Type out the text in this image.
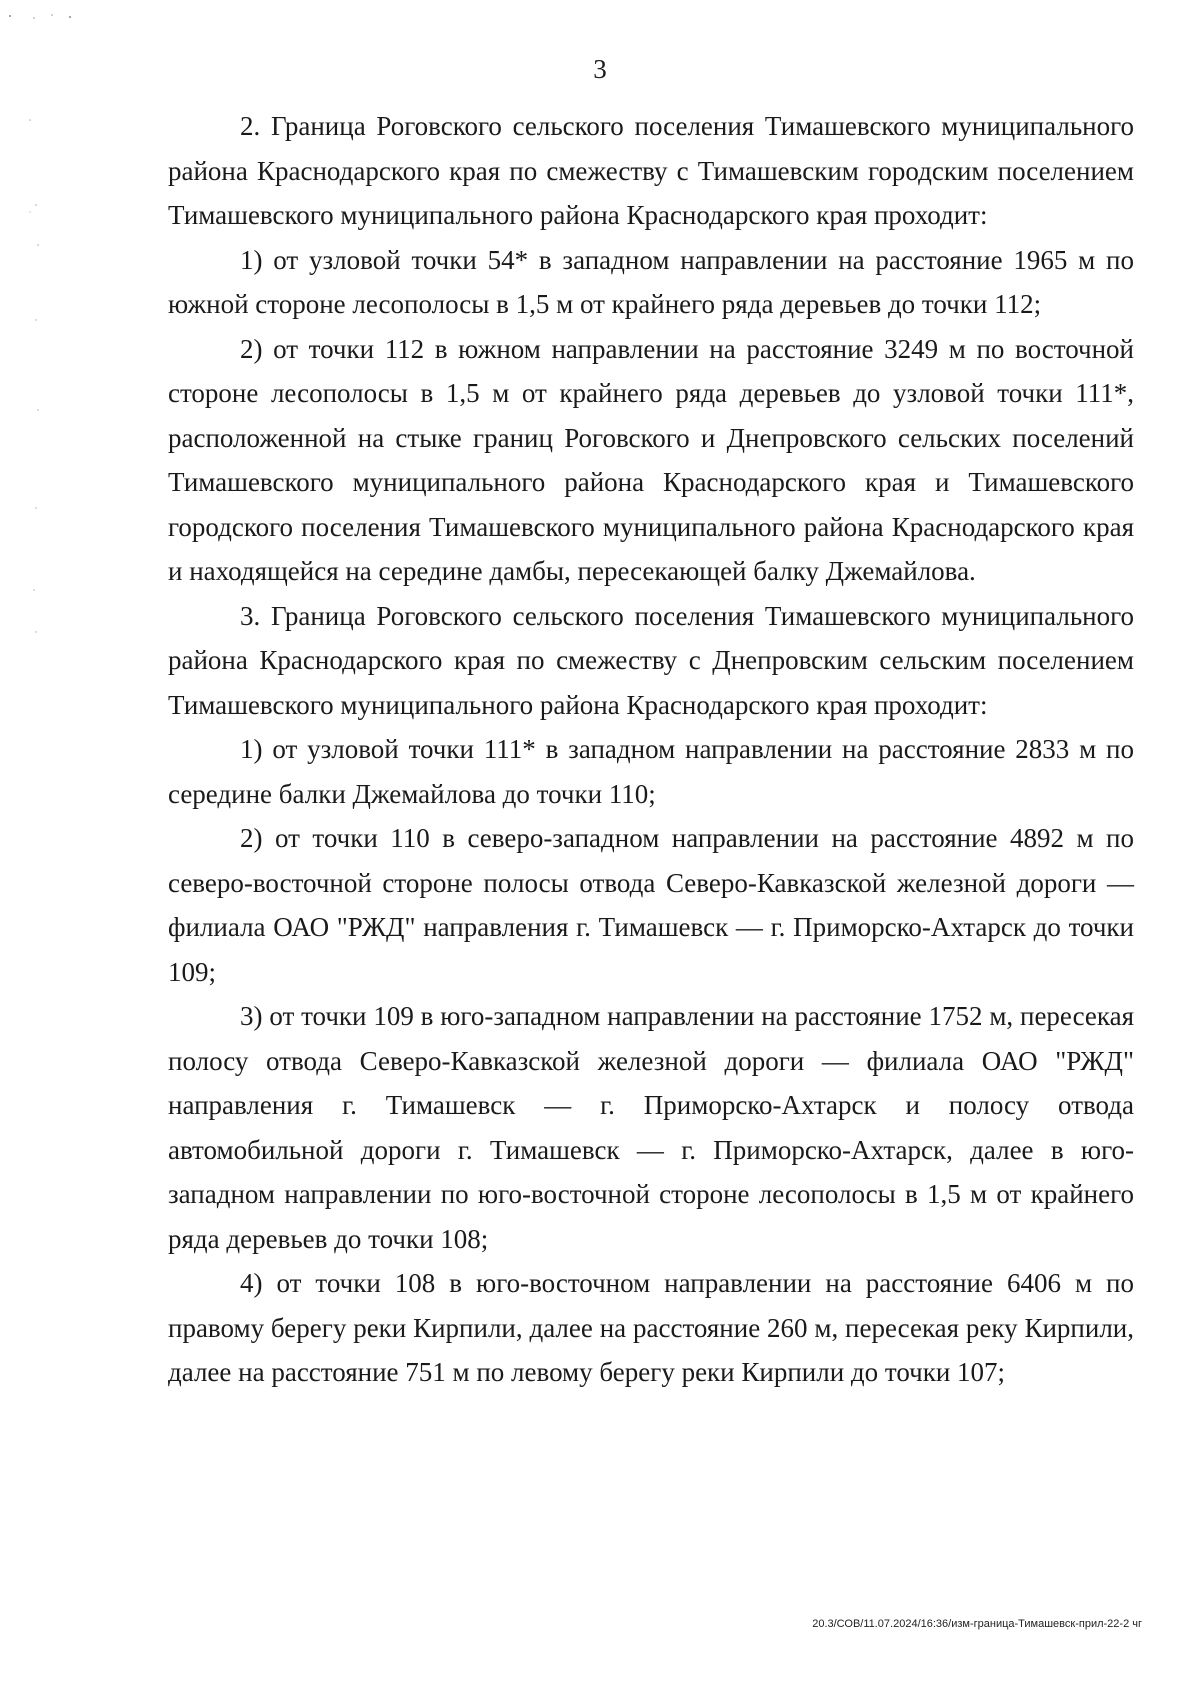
3

2. Граница Роговского сельского поселения Тимашевского муниципального района Краснодарского края по смежеству с Тимашевским городским поселением Тимашевского муниципального района Краснодарского края проходит:

1) от узловой точки 54* в западном направлении на расстояние 1965 м по южной стороне лесополосы в 1,5 м от крайнего ряда деревьев до точки 112;

2) от точки 112 в южном направлении на расстояние 3249 м по восточной стороне лесополосы в 1,5 м от крайнего ряда деревьев до узловой точки 111*, расположенной на стыке границ Роговского и Днепровского сельских поселений Тимашевского муниципального района Краснодарского края и Тимашевского городского поселения Тимашевского муниципального района Краснодарского края и находящейся на середине дамбы, пересекающей балку Джемайлова.

3. Граница Роговского сельского поселения Тимашевского муниципального района Краснодарского края по смежеству с Днепровским сельским поселением Тимашевского муниципального района Краснодарского края проходит:

1) от узловой точки 111* в западном направлении на расстояние 2833 м по середине балки Джемайлова до точки 110;

2) от точки 110 в северо-западном направлении на расстояние 4892 м по северо-восточной стороне полосы отвода Северо-Кавказской железной дороги — филиала ОАО "РЖД" направления г. Тимашевск — г. Приморско-Ахтарск до точки 109;

3) от точки 109 в юго-западном направлении на расстояние 1752 м, пересекая полосу отвода Северо-Кавказской железной дороги — филиала ОАО "РЖД" направления г. Тимашевск — г. Приморско-Ахтарск и полосу отвода автомобильной дороги г. Тимашевск — г. Приморско-Ахтарск, далее в юго-западном направлении по юго-восточной стороне лесополосы в 1,5 м от крайнего ряда деревьев до точки 108;

4) от точки 108 в юго-восточном направлении на расстояние 6406 м по правому берегу реки Кирпили, далее на расстояние 260 м, пересекая реку Кирпили, далее на расстояние 751 м по левому берегу реки Кирпили до точки 107;

20.3/СОВ/11.07.2024/16:36/изм-граница-Тимашевск-прил-22-2 чг
